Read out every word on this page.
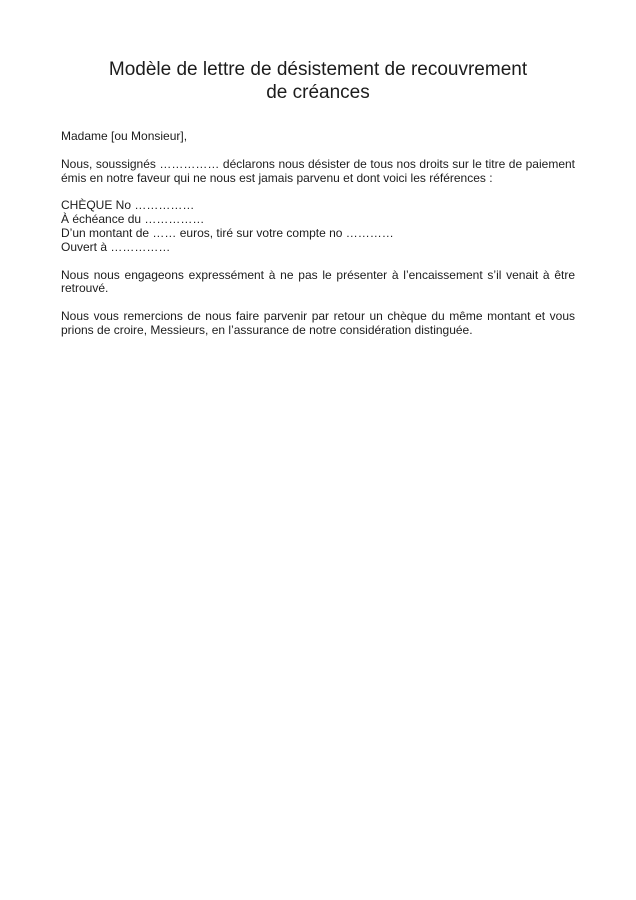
Modèle de lettre de désistement de recouvrement
de créances

Madame [ou Monsieur],

Nous, soussignés …………… déclarons nous désister de tous nos droits sur le titre de paiement émis en notre faveur qui ne nous est jamais parvenu et dont voici les références :

CHÈQUE No ……………
À échéance du ……………
D’un montant de …… euros, tiré sur votre compte no …………
Ouvert à ……………

Nous nous engageons expressément à ne pas le présenter à l’encaissement s’il venait à être retrouvé.

Nous vous remercions de nous faire parvenir par retour un chèque du même montant et vous prions de croire, Messieurs, en l’assurance de notre considération distinguée.
